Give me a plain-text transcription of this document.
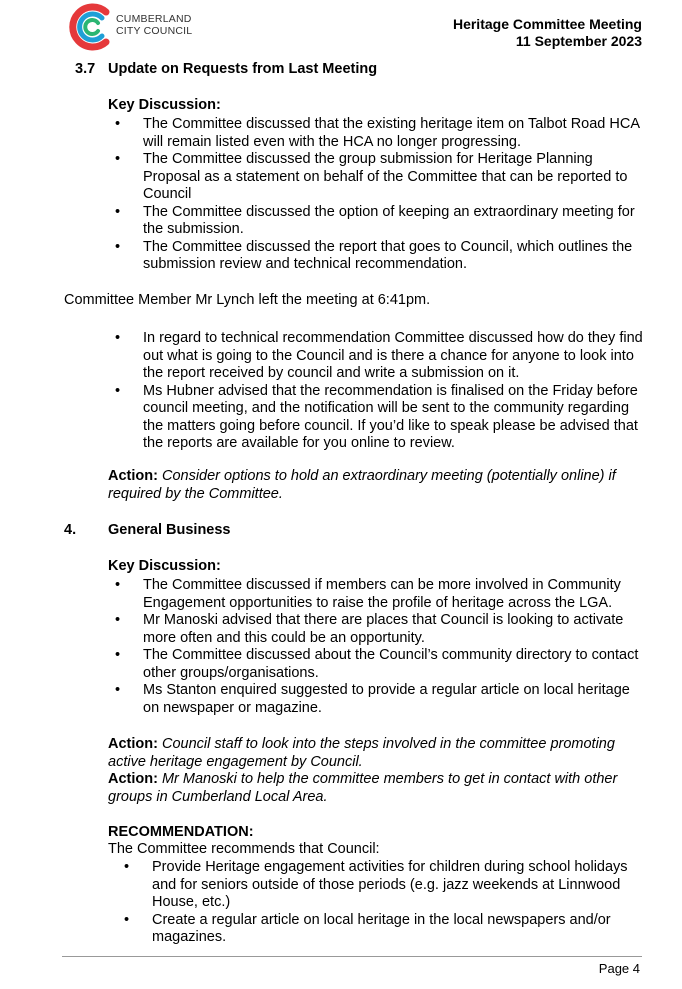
CUMBERLAND
CITY COUNCIL	Heritage Committee Meeting
11 September 2023
3.7 Update on Requests from Last Meeting
Key Discussion:
• The Committee discussed that the existing heritage item on Talbot Road HCA will remain listed even with the HCA no longer progressing.
• The Committee discussed the group submission for Heritage Planning Proposal as a statement on behalf of the Committee that can be reported to Council
• The Committee discussed the option of keeping an extraordinary meeting for the submission.
• The Committee discussed the report that goes to Council, which outlines the submission review and technical recommendation.
Committee Member Mr Lynch left the meeting at 6:41pm.
• In regard to technical recommendation Committee discussed how do they find out what is going to the Council and is there a chance for anyone to look into the report received by council and write a submission on it.
• Ms Hubner advised that the recommendation is finalised on the Friday before council meeting, and the notification will be sent to the community regarding the matters going before council. If you’d like to speak please be advised that the reports are available for you online to review.
Action: Consider options to hold an extraordinary meeting (potentially online) if required by the Committee.
4. General Business
Key Discussion:
• The Committee discussed if members can be more involved in Community Engagement opportunities to raise the profile of heritage across the LGA.
• Mr Manoski advised that there are places that Council is looking to activate more often and this could be an opportunity.
• The Committee discussed about the Council’s community directory to contact other groups/organisations.
• Ms Stanton enquired suggested to provide a regular article on local heritage on newspaper or magazine.
Action: Council staff to look into the steps involved in the committee promoting active heritage engagement by Council.
Action: Mr Manoski to help the committee members to get in contact with other groups in Cumberland Local Area.
RECOMMENDATION:
The Committee recommends that Council:
• Provide Heritage engagement activities for children during school holidays and for seniors outside of those periods (e.g. jazz weekends at Linnwood House, etc.)
• Create a regular article on local heritage in the local newspapers and/or magazines.
Page 4
